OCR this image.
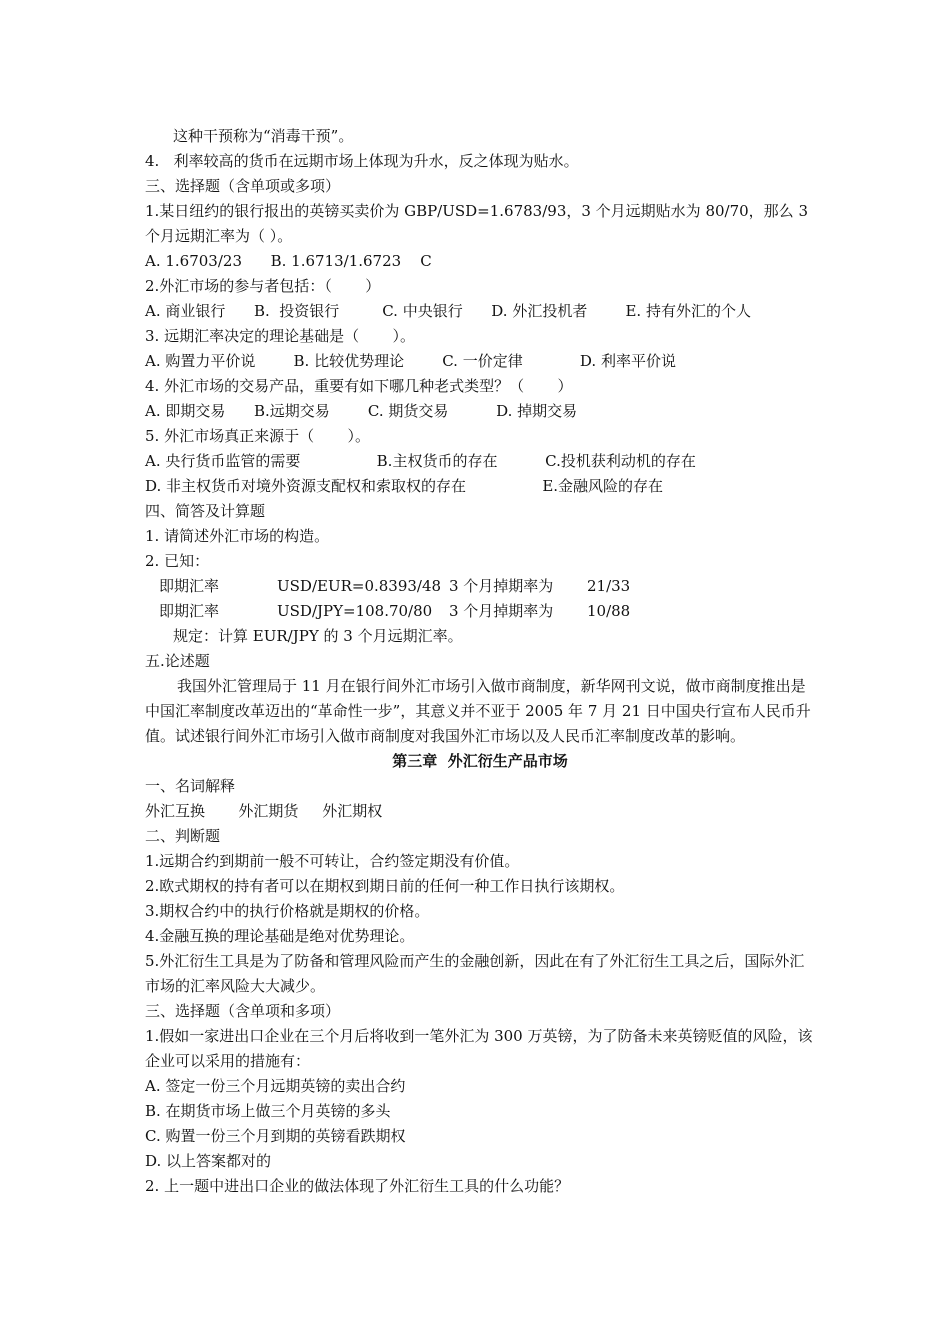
这种干预称为“消毒干预”。
4.   利率较高的货币在远期市场上体现为升水，反之体现为贴水。
三、选择题（含单项或多项）

1.某日纽约的银行报出的英镑买卖价为 GBP/USD=1.6783/93，3 个月远期贴水为 80/70，那么 3 个月远期汇率为（ ）。

A. 1.6703/23      B. 1.6713/1.6723    C
2.外汇市场的参与者包括：（       ）
A. 商业银行      B.  投资银行         C. 中央银行      D. 外汇投机者        E. 持有外汇的个人
3. 远期汇率决定的理论基础是（       ）。
A. 购置力平价说        B. 比较优势理论        C. 一价定律            D. 利率平价说
4. 外汇市场的交易产品，重要有如下哪几种老式类型？（       ）
A. 即期交易      B.远期交易        C. 期货交易          D. 掉期交易
5. 外汇市场真正来源于（       ）。
A. 央行货币监管的需要                B.主权货币的存在          C.投机获利动机的存在
D. 非主权货币对境外资源支配权和索取权的存在                E.金融风险的存在
四、简答及计算题
1. 请简述外汇市场的构造。
2. 已知：
即期汇率	USD/EUR=0.8393/48 3 个月掉期率为	21/33
即期汇率	USD/JPY=108.70/80	3 个月掉期率为	10/88
规定：计算 EUR/JPY 的 3 个月远期汇率。
五.论述题

我国外汇管理局于 11 月在银行间外汇市场引入做市商制度，新华网刊文说，做市商制度推出是中国汇率制度改革迈出的“革命性一步”，其意义并不亚于 2005 年 7 月 21 日中国央行宣布人民币升值。试述银行间外汇市场引入做市商制度对我国外汇市场以及人民币汇率制度改革的影响。

第三章  外汇衍生产品市场
一、名词解释
外汇互换       外汇期货     外汇期权
二、判断题
1.远期合约到期前一般不可转让，合约签定期没有价值。
2.欧式期权的持有者可以在期权到期日前的任何一种工作日执行该期权。
3.期权合约中的执行价格就是期权的价格。
4.金融互换的理论基础是绝对优势理论。

5.外汇衍生工具是为了防备和管理风险而产生的金融创新，因此在有了外汇衍生工具之后，国际外汇市场的汇率风险大大减少。

三、选择题（含单项和多项）

1.假如一家进出口企业在三个月后将收到一笔外汇为 300 万英镑，为了防备未来英镑贬值的风险，该企业可以采用的措施有：

A. 签定一份三个月远期英镑的卖出合约
B. 在期货市场上做三个月英镑的多头
C. 购置一份三个月到期的英镑看跌期权
D. 以上答案都对的
2. 上一题中进出口企业的做法体现了外汇衍生工具的什么功能？
